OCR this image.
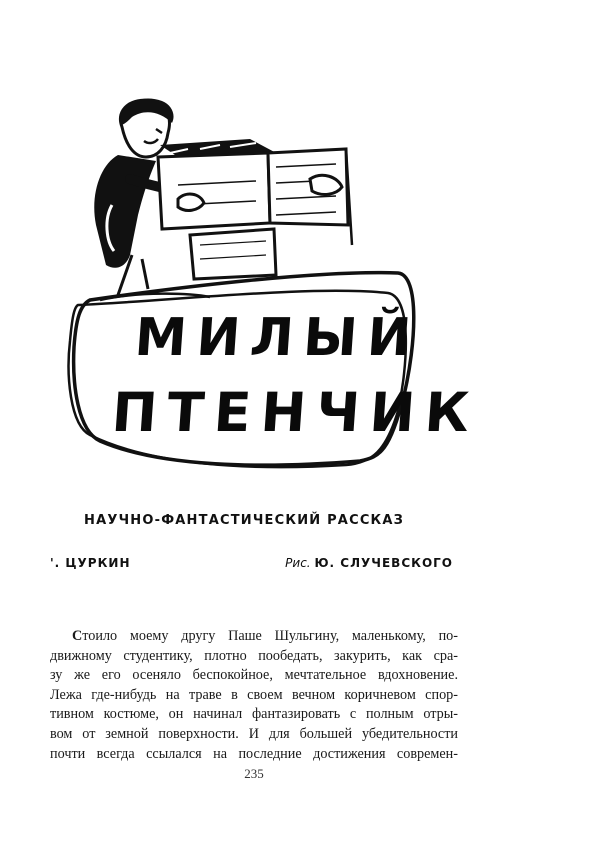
МИЛЫЙ
ПТЕНЧИК
НАУЧНО-ФАНТАСТИЧЕСКИЙ РАССКАЗ
'. ЦУРКИН	Рис. Ю. СЛУЧЕВСКОГО
Стоило моему другу Паше Шульгину, маленькому, по-
движному студентику, плотно пообедать, закурить, как сра-
зу же его осеняло беспокойное, мечтательное вдохновение.
Лежа где-нибудь на траве в своем вечном коричневом спор-
тивном костюме, он начинал фантазировать с полным отры-
вом от земной поверхности. И для большей убедительности
почти всегда ссылался на последние достижения современ-
235
